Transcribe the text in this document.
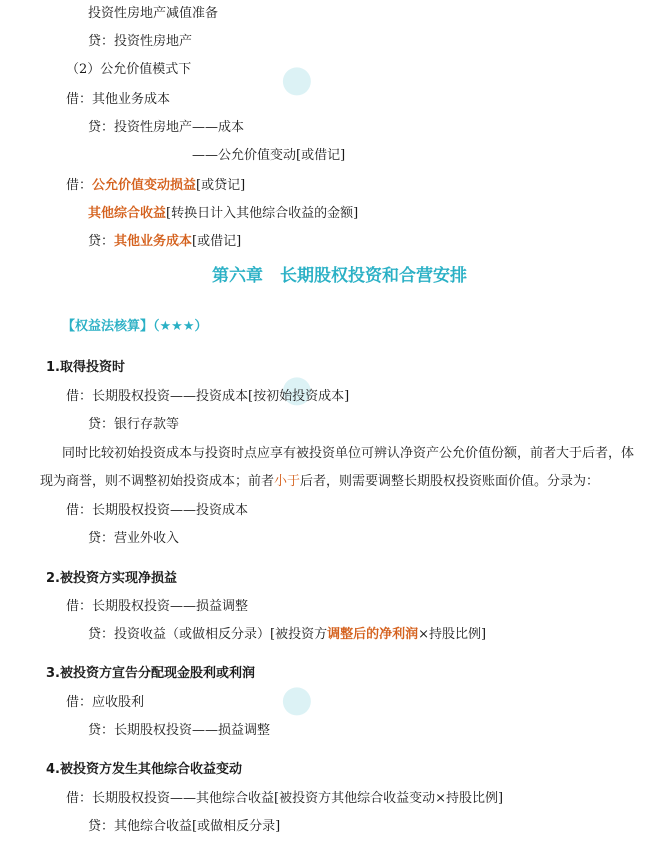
投资性房地产减值准备
贷：投资性房地产
（2）公允价值模式下
借：其他业务成本
贷：投资性房地产——成本
——公允价值变动[或借记]
借：公允价值变动损益[或贷记]
其他综合收益[转换日计入其他综合收益的金额]
贷：其他业务成本[或借记]
第六章　长期股权投资和合营安排
【权益法核算】（★★★）
1.取得投资时
借：长期股权投资——投资成本[按初始投资成本]
贷：银行存款等
同时比较初始投资成本与投资时点应享有被投资单位可辨认净资产公允价值份额，前者大于后者，体
现为商誉，则不调整初始投资成本；前者小于后者，则需要调整长期股权投资账面价值。分录为：
借：长期股权投资——投资成本
贷：营业外收入
2.被投资方实现净损益
借：长期股权投资——损益调整
贷：投资收益（或做相反分录）[被投资方调整后的净利润×持股比例]
3.被投资方宣告分配现金股利或利润
借：应收股利
贷：长期股权投资——损益调整
4.被投资方发生其他综合收益变动
借：长期股权投资——其他综合收益[被投资方其他综合收益变动×持股比例]
贷：其他综合收益[或做相反分录]
